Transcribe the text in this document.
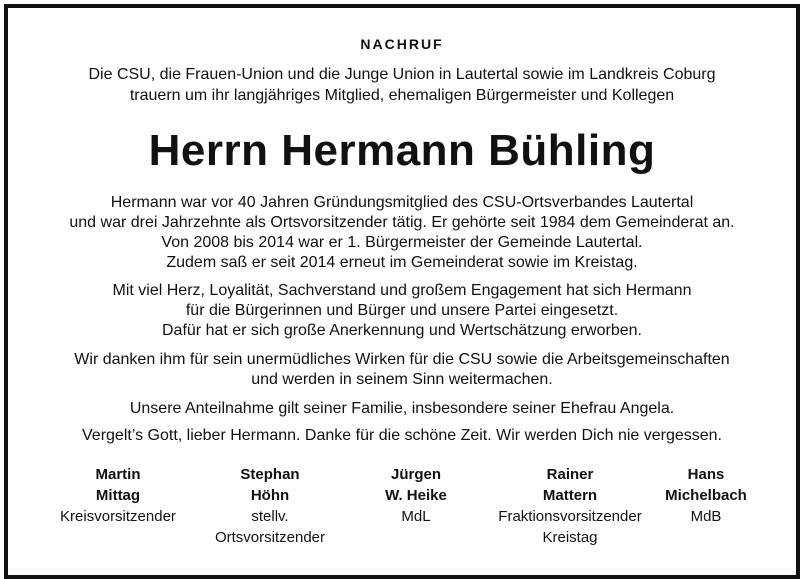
NACHRUF
Die CSU, die Frauen-Union und die Junge Union in Lautertal sowie im Landkreis Coburg
trauern um ihr langjähriges Mitglied, ehemaligen Bürgermeister und Kollegen
Herrn Hermann Bühling
Hermann war vor 40 Jahren Gründungsmitglied des CSU-Ortsverbandes Lautertal
und war drei Jahrzehnte als Ortsvorsitzender tätig. Er gehörte seit 1984 dem Gemeinderat an.
Von 2008 bis 2014 war er 1. Bürgermeister der Gemeinde Lautertal.
Zudem saß er seit 2014 erneut im Gemeinderat sowie im Kreistag.
Mit viel Herz, Loyalität, Sachverstand und großem Engagement hat sich Hermann
für die Bürgerinnen und Bürger und unsere Partei eingesetzt.
Dafür hat er sich große Anerkennung und Wertschätzung erworben.
Wir danken ihm für sein unermüdliches Wirken für die CSU sowie die Arbeitsgemeinschaften
und werden in seinem Sinn weitermachen.
Unsere Anteilnahme gilt seiner Familie, insbesondere seiner Ehefrau Angela.
Vergelt’s Gott, lieber Hermann. Danke für die schöne Zeit. Wir werden Dich nie vergessen.
Martin
Mittag
Kreisvorsitzender
Stephan
Höhn
stellv.
Ortsvorsitzender
Jürgen
W. Heike
MdL
Rainer
Mattern
Fraktionsvorsitzender
Kreistag
Hans
Michelbach
MdB
